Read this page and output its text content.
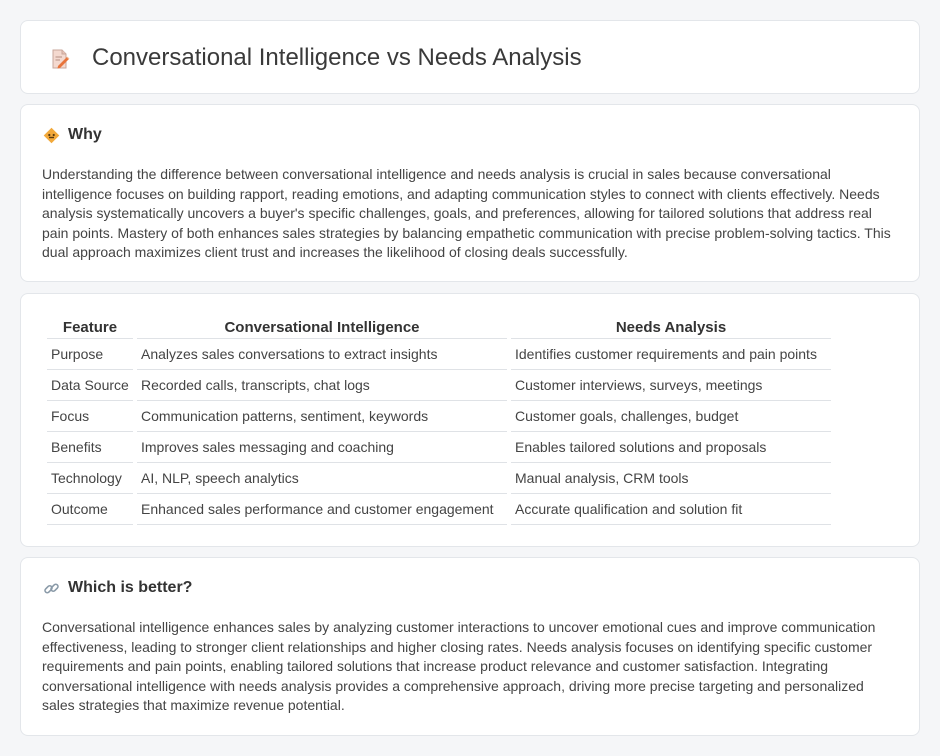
Conversational Intelligence vs Needs Analysis
Why

Understanding the difference between conversational intelligence and needs analysis is crucial in sales because conversational intelligence focuses on building rapport, reading emotions, and adapting communication styles to connect with clients effectively. Needs analysis systematically uncovers a buyer's specific challenges, goals, and preferences, allowing for tailored solutions that address real pain points. Mastery of both enhances sales strategies by balancing empathetic communication with precise problem-solving tactics. This dual approach maximizes client trust and increases the likelihood of closing deals successfully.

Feature	Conversational Intelligence	Needs Analysis
Purpose	Analyzes sales conversations to extract insights	Identifies customer requirements and pain points
Data Source	Recorded calls, transcripts, chat logs	Customer interviews, surveys, meetings
Focus	Communication patterns, sentiment, keywords	Customer goals, challenges, budget
Benefits	Improves sales messaging and coaching	Enables tailored solutions and proposals
Technology	AI, NLP, speech analytics	Manual analysis, CRM tools
Outcome	Enhanced sales performance and customer engagement	Accurate qualification and solution fit
Which is better?

Conversational intelligence enhances sales by analyzing customer interactions to uncover emotional cues and improve communication effectiveness, leading to stronger client relationships and higher closing rates. Needs analysis focuses on identifying specific customer requirements and pain points, enabling tailored solutions that increase product relevance and customer satisfaction. Integrating conversational intelligence with needs analysis provides a comprehensive approach, driving more precise targeting and personalized sales strategies that maximize revenue potential.
